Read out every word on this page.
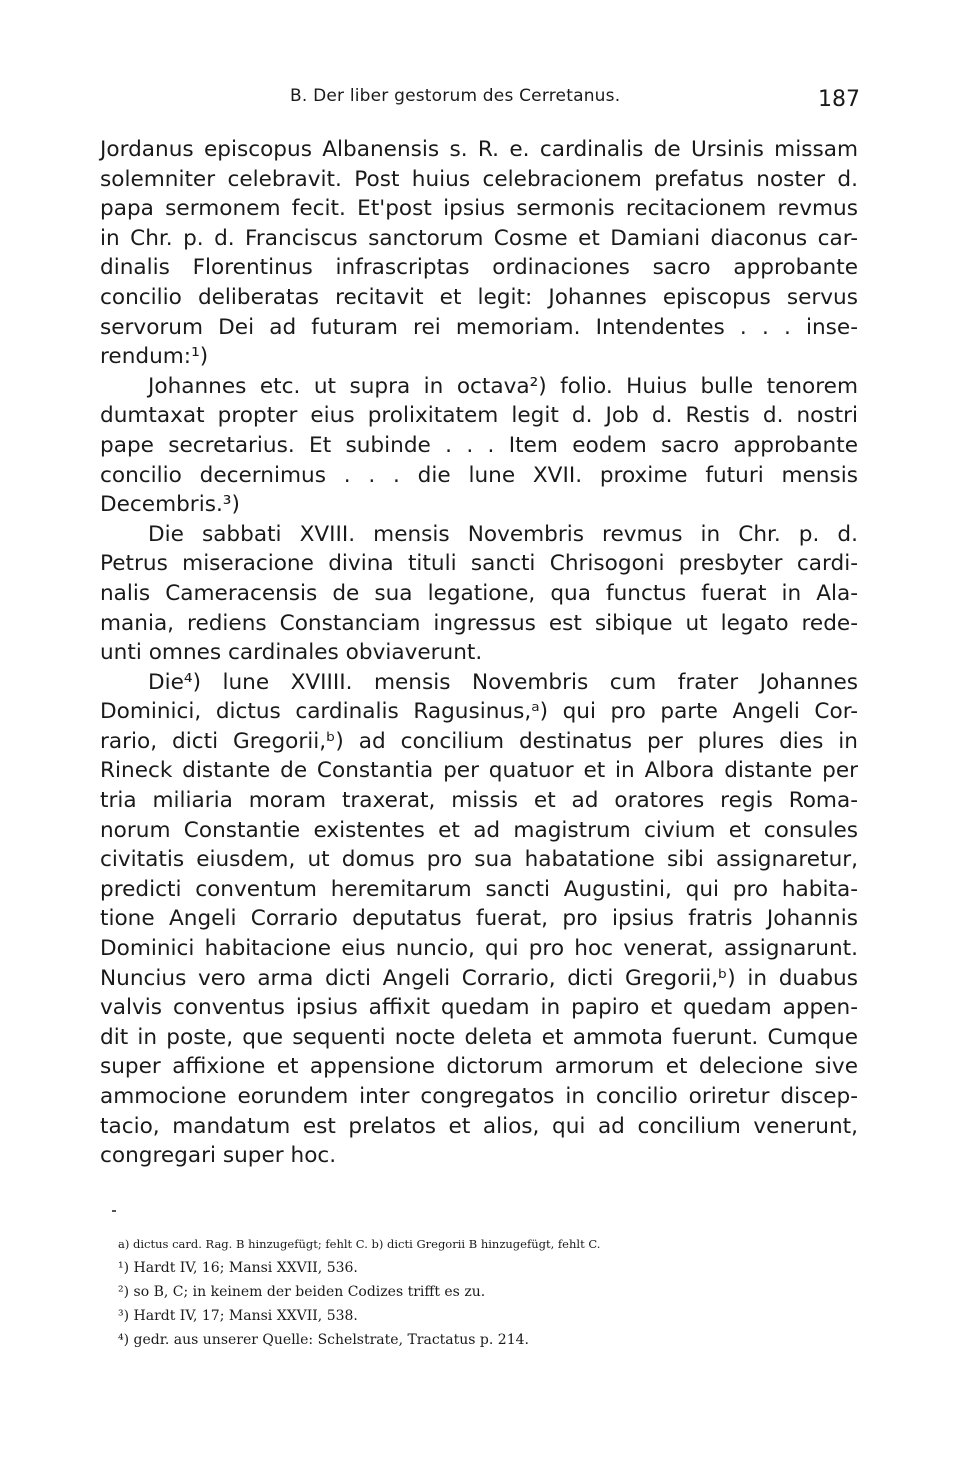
B. Der liber gestorum des Cerretanus.	187

Jordanus episcopus Albanensis s. R. e. cardinalis de Ursinis missam

solemniter celebravit. Post huius celebracionem prefatus noster d.

papa sermonem fecit. Et'post ipsius sermonis recitacionem revmus

in Chr. p. d. Franciscus sanctorum Cosme et Damiani diaconus car-

dinalis Florentinus infrascriptas ordinaciones sacro approbante

concilio deliberatas recitavit et legit: Johannes episcopus servus

servorum Dei ad futuram rei memoriam. Intendentes . . . inse-

rendum:¹)

Johannes etc. ut supra in octava²) folio. Huius bulle tenorem

dumtaxat propter eius prolixitatem legit d. Job d. Restis d. nostri

pape secretarius. Et subinde . . . Item eodem sacro approbante

concilio decernimus . . . die lune XVII. proxime futuri mensis

Decembris.³)

Die sabbati XVIII. mensis Novembris revmus in Chr. p. d.

Petrus miseracione divina tituli sancti Chrisogoni presbyter cardi-

nalis Cameracensis de sua legatione, qua functus fuerat in Ala-

mania, rediens Constanciam ingressus est sibique ut legato rede-

unti omnes cardinales obviaverunt.

Die⁴) lune XVIIII. mensis Novembris cum frater Johannes

Dominici, dictus cardinalis Ragusinus,ᵃ) qui pro parte Angeli Cor-

rario, dicti Gregorii,ᵇ) ad concilium destinatus per plures dies in

Rineck distante de Constantia per quatuor et in Albora distante per

tria miliaria moram traxerat, missis et ad oratores regis Roma-

norum Constantie existentes et ad magistrum civium et consules

civitatis eiusdem, ut domus pro sua habatatione sibi assignaretur,

predicti conventum heremitarum sancti Augustini, qui pro habita-

tione Angeli Corrario deputatus fuerat, pro ipsius fratris Johannis

Dominici habitacione eius nuncio, qui pro hoc venerat, assignarunt.

Nuncius vero arma dicti Angeli Corrario, dicti Gregorii,ᵇ) in duabus

valvis conventus ipsius affixit quedam in papiro et quedam appen-

dit in poste, que sequenti nocte deleta et ammota fuerunt. Cumque

super affixione et appensione dictorum armorum et delecione sive

ammocione eorundem inter congregatos in concilio oriretur discep-

tacio, mandatum est prelatos et alios, qui ad concilium venerunt,

congregari super hoc.

a) dictus card. Rag. B hinzugefügt; fehlt C. b) dicti Gregorii B hinzugefügt, fehlt C.

¹) Hardt IV, 16; Mansi XXVII, 536.

²) so B, C; in keinem der beiden Codizes trifft es zu.

³) Hardt IV, 17; Mansi XXVII, 538.

⁴) gedr. aus unserer Quelle: Schelstrate, Tractatus p. 214.
